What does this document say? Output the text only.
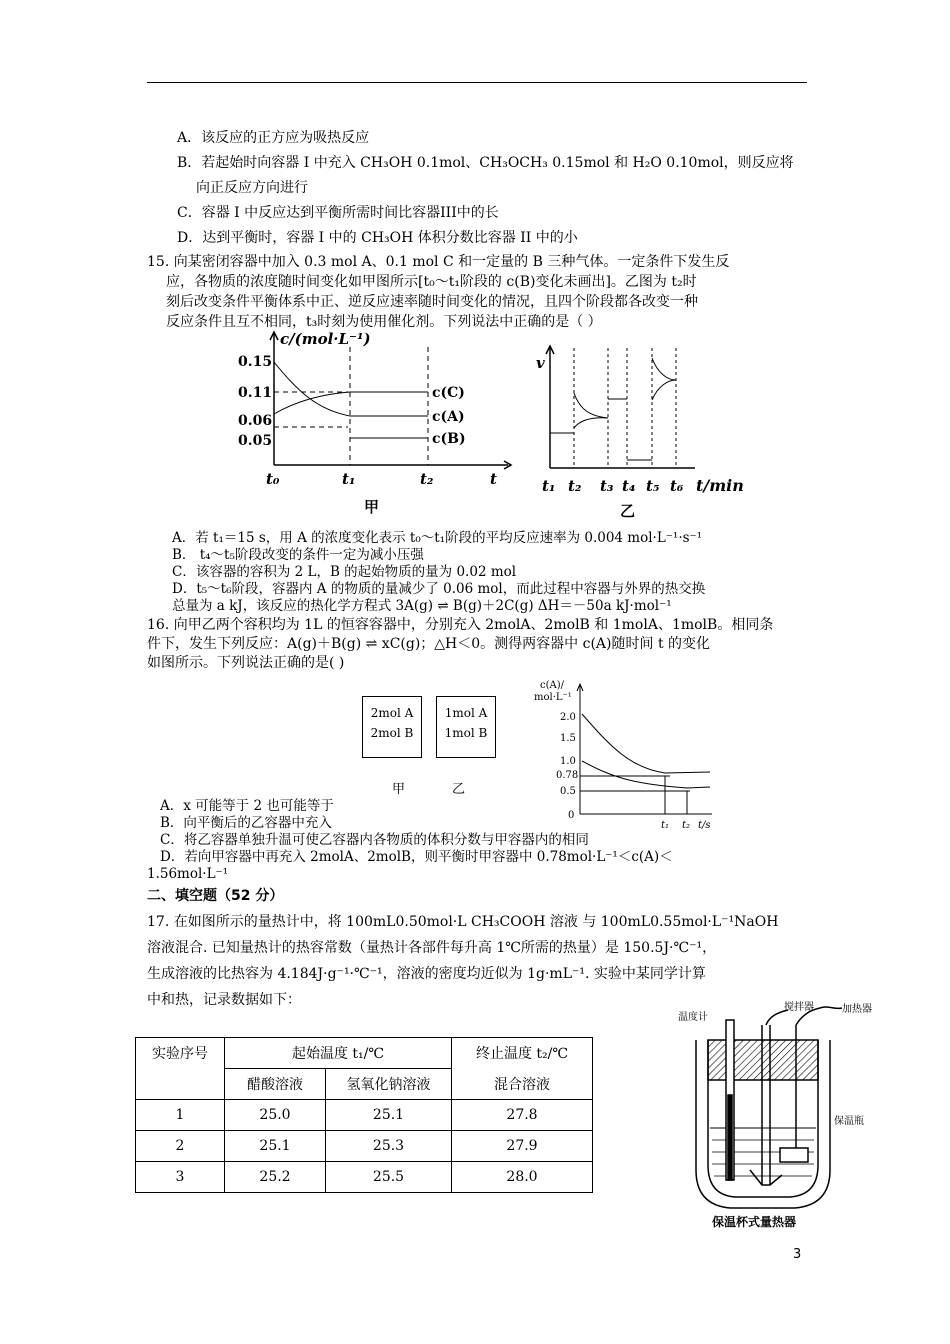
A．该反应的正方应为吸热反应
B．若起始时向容器 I 中充入 CH₃OH 0.1mol、CH₃OCH₃ 0.15mol 和 H₂O 0.10mol，则反应将
向正反应方向进行
C．容器 I 中反应达到平衡所需时间比容器III中的长
D．达到平衡时，容器 I 中的 CH₃OH 体积分数比容器 II 中的小
15. 向某密闭容器中加入 0.3 mol A、0.1 mol C 和一定量的 B 三种气体。一定条件下发生反
应，各物质的浓度随时间变化如甲图所示[t₀～t₁阶段的 c(B)变化未画出]。乙图为 t₂时
刻后改变条件平衡体系中正、逆反应速率随时间变化的情况，且四个阶段都各改变一种
反应条件且互不相同，t₃时刻为使用催化剂。下列说法中正确的是（ ）
c/(mol·L⁻¹)
0.15
0.11
0.06
0.05
t₀	t₁	t₂	t
c(C)
c(A)
c(B)
甲
v
t₁ t₂ t₃ t₄ t₅ t₆ t/min
乙
A．若 t₁＝15 s，用 A 的浓度变化表示 t₀～t₁阶段的平均反应速率为 0.004 mol·L⁻¹·s⁻¹
B． t₄～t₅阶段改变的条件一定为减小压强
C．该容器的容积为 2 L，B 的起始物质的量为 0.02 mol
D．t₅～t₆阶段，容器内 A 的物质的量减少了 0.06 mol，而此过程中容器与外界的热交换
总量为 a kJ，该反应的热化学方程式 3A(g) ⇌ B(g)＋2C(g) ΔH＝－50a kJ·mol⁻¹
16. 向甲乙两个容积均为 1L 的恒容容器中，分别充入 2molA、2molB 和 1molA、1molB。相同条
件下，发生下列反应：A(g)＋B(g) ⇌ xC(g)；△H＜0。测得两容器中 c(A)随时间 t 的变化
如图所示。下列说法正确的是( )
2mol A
2mol B
1mol A
1mol B
甲	乙
c(A)/
mol·L⁻¹
2.0
1.5
1.0
0.78
0.5
0
t₁ t₂ t/s
A．x 可能等于 2 也可能等于
B．向平衡后的乙容器中充入
C．将乙容器单独升温可使乙容器内各物质的体积分数与甲容器内的相同
D．若向甲容器中再充入 2molA、2molB，则平衡时甲容器中 0.78mol·L⁻¹＜c(A)＜
1.56mol·L⁻¹
二、填空题（52 分）
17. 在如图所示的量热计中，将 100mL0.50mol·L CH₃COOH 溶液 与 100mL0.55mol·L⁻¹NaOH
溶液混合. 已知量热计的热容常数（量热计各部件每升高 1℃所需的热量）是 150.5J·℃⁻¹，
生成溶液的比热容为 4.184J·g⁻¹·℃⁻¹，溶液的密度均近似为 1g·mL⁻¹. 实验中某同学计算
中和热，记录数据如下：
实验序号	起始温度 t₁/℃		终止温度 t₂/℃
	醋酸溶液	氢氧化钠溶液	混合溶液
1	25.0	25.1	27.8
2	25.1	25.3	27.9
3	25.2	25.5	28.0
搅拌器	加热器
温度计
保温瓶
保温杯式量热器
3
